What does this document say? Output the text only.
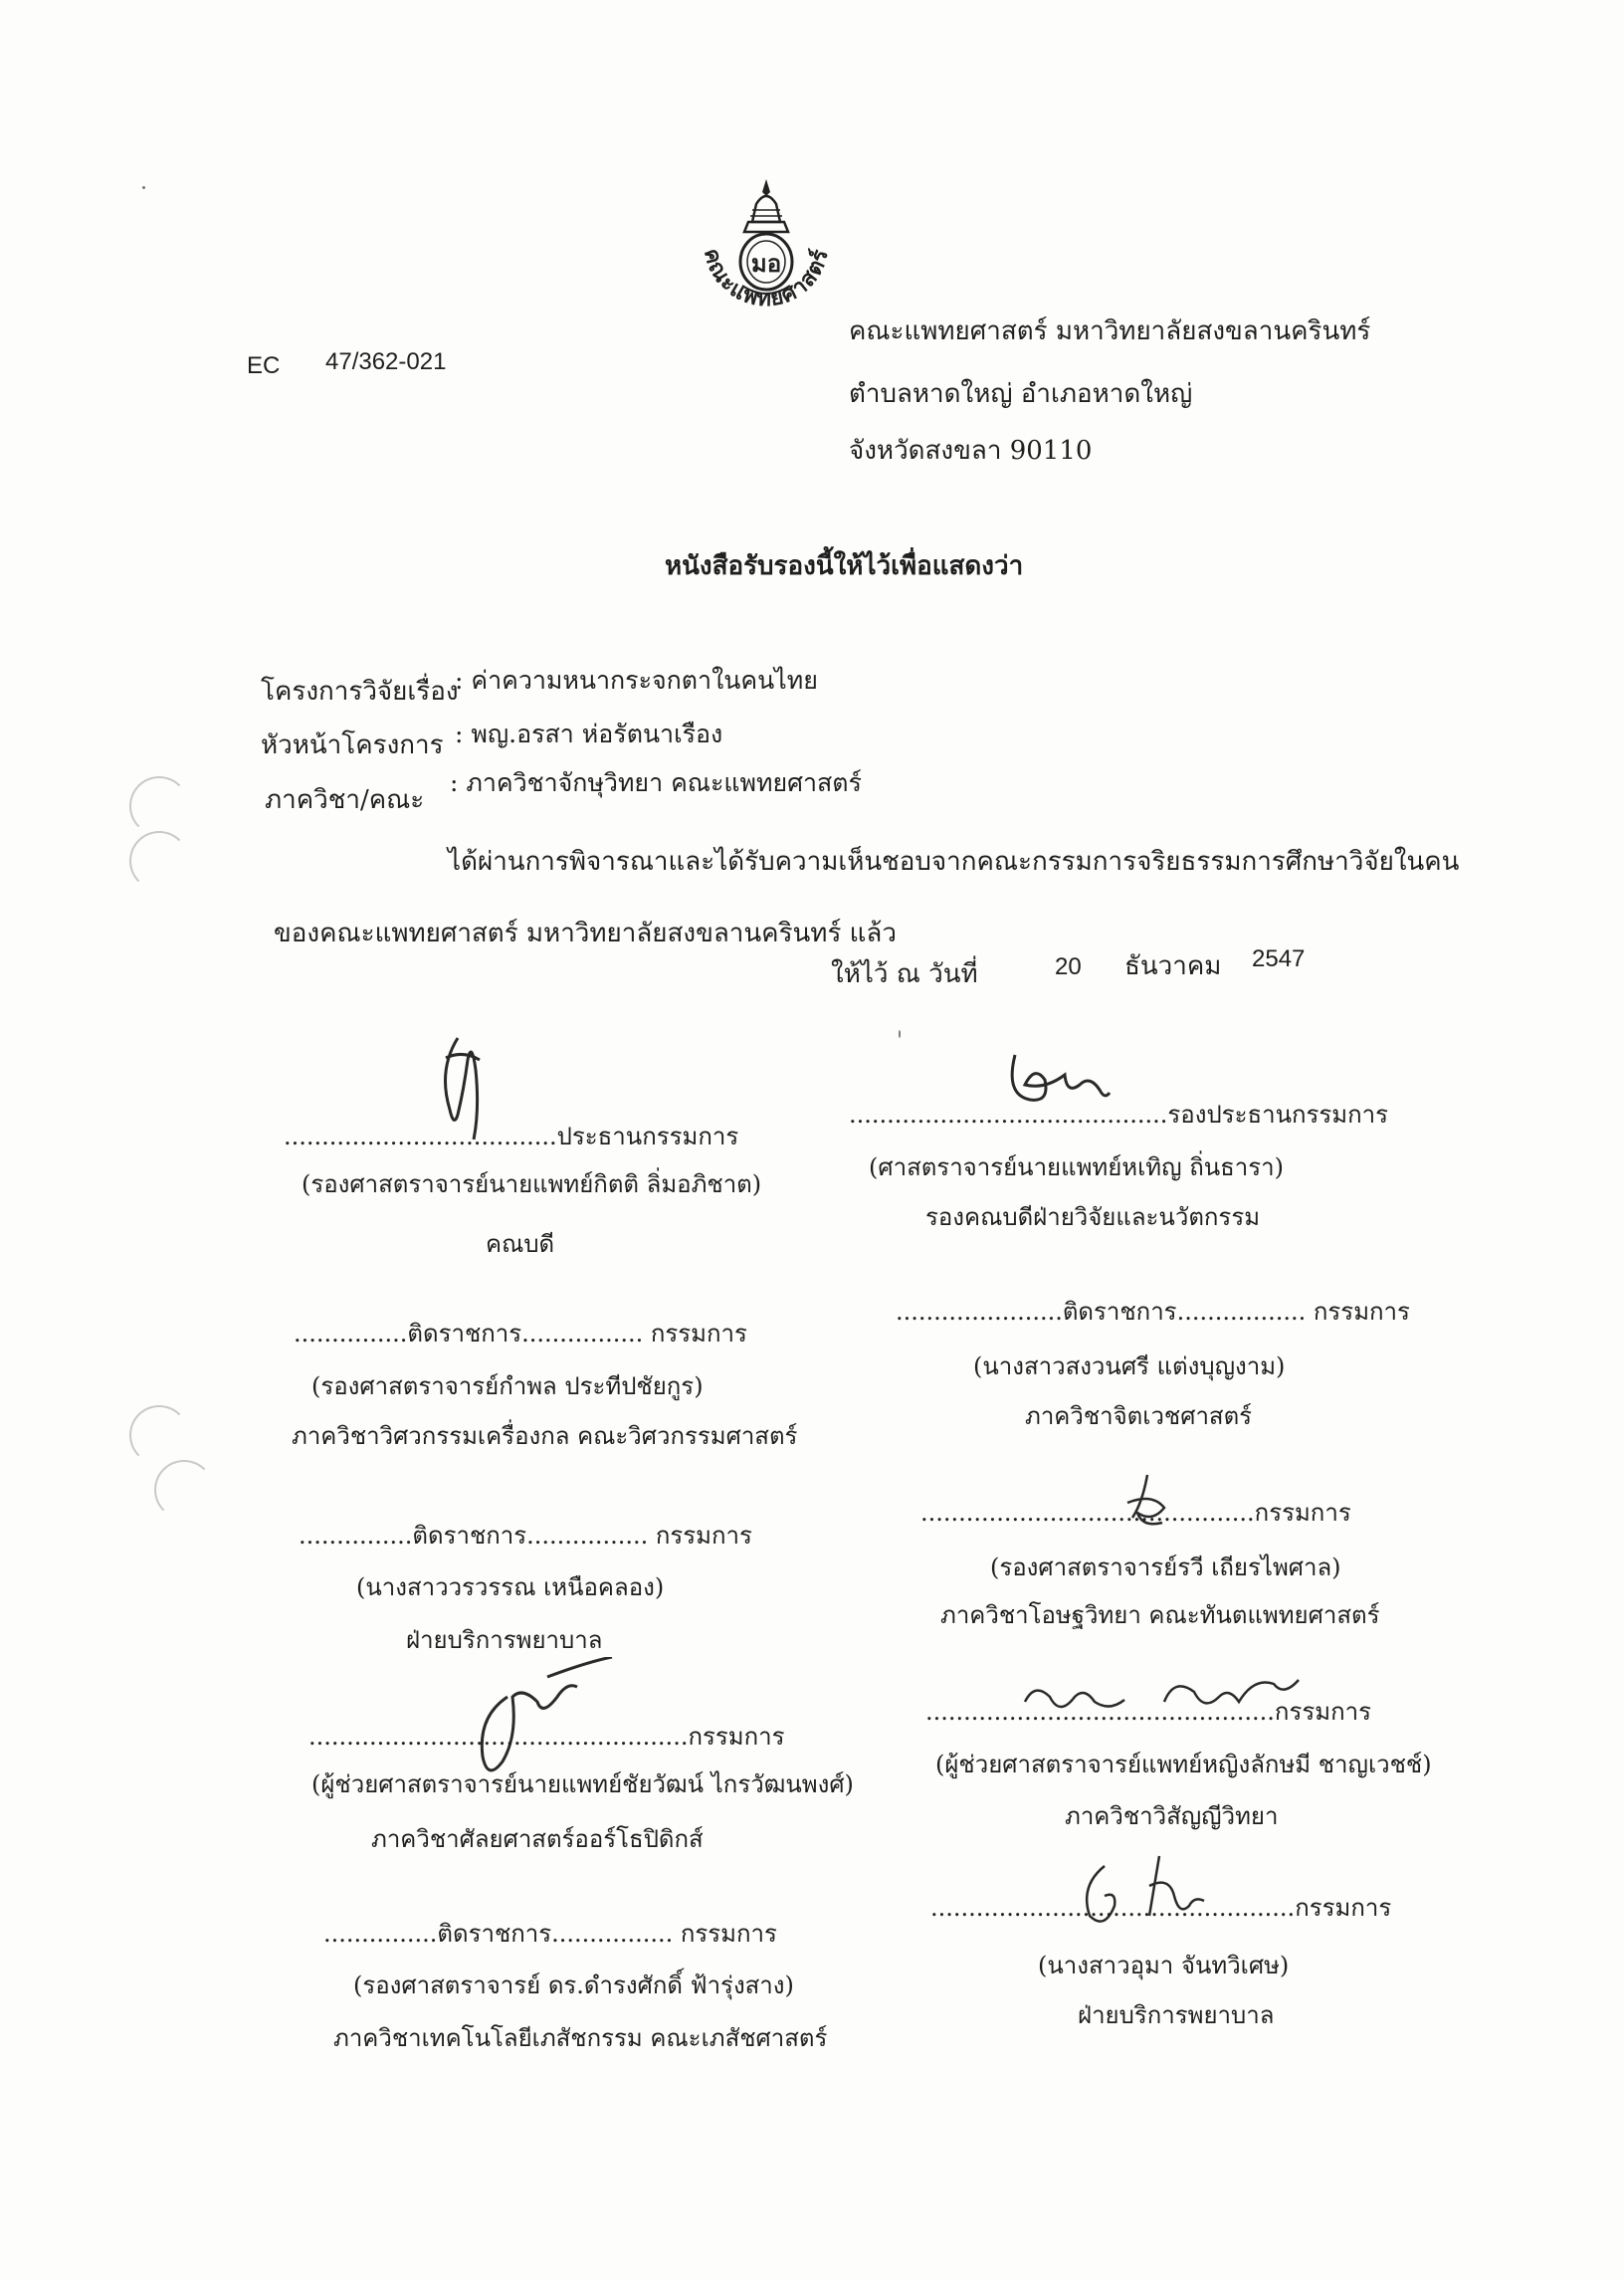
มอ
คณะแพทยศาสตร์
EC 47/362-021
คณะแพทยศาสตร์ มหาวิทยาลัยสงขลานครินทร์
ตำบลหาดใหญ่ อำเภอหาดใหญ่
จังหวัดสงขลา 90110
หนังสือรับรองนี้ให้ไว้เพื่อแสดงว่า
โครงการวิจัยเรื่อง
: ค่าความหนากระจกตาในคนไทย
หัวหน้าโครงการ : พญ.อรสา ห่อรัตนาเรือง
ภาควิชา/คณะ
: ภาควิชาจักษุวิทยา คณะแพทยศาสตร์
ได้ผ่านการพิจารณาและได้รับความเห็นชอบจากคณะกรรมการจริยธรรมการศึกษาวิจัยในคน
ของคณะแพทยศาสตร์ มหาวิทยาลัยสงขลานครินทร์ แล้ว
ให้ไว้ ณ วันที่	20 ธันวาคม 2547
....................................ประธานกรรมการ
(รองศาสตราจารย์นายแพทย์กิตติ ลิ่มอภิชาต)
คณบดี
..........................................รองประธานกรรมการ
(ศาสตราจารย์นายแพทย์หเทิญ ถิ่นธารา)
รองคณบดีฝ่ายวิจัยและนวัตกรรม
...............ติดราชการ................ กรรมการ
(รองศาสตราจารย์กำพล ประทีปชัยกูร)
ภาควิชาวิศวกรรมเครื่องกล คณะวิศวกรรมศาสตร์
......................ติดราชการ................. กรรมการ
(นางสาวสงวนศรี แต่งบุญงาม)
ภาควิชาจิตเวชศาสตร์
...............ติดราชการ................ กรรมการ
(นางสาววรวรรณ เหนือคลอง)
ฝ่ายบริการพยาบาล
............................................กรรมการ
(รองศาสตราจารย์รวี เถียรไพศาล)
ภาควิชาโอษฐวิทยา คณะทันตแพทยศาสตร์
..................................................กรรมการ
(ผู้ช่วยศาสตราจารย์นายแพทย์ชัยวัฒน์ ไกรวัฒนพงศ์)
ภาควิชาศัลยศาสตร์ออร์โธปิดิกส์
..............................................กรรมการ
(ผู้ช่วยศาสตราจารย์แพทย์หญิงลักษมี ชาญเวชช์)
ภาควิชาวิสัญญีวิทยา
...............ติดราชการ................ กรรมการ
(รองศาสตราจารย์ ดร.ดำรงศักดิ์ ฟ้ารุ่งสาง)
ภาควิชาเทคโนโลยีเภสัชกรรม คณะเภสัชศาสตร์
................................................กรรมการ
(นางสาวอุมา จันทวิเศษ)
ฝ่ายบริการพยาบาล
